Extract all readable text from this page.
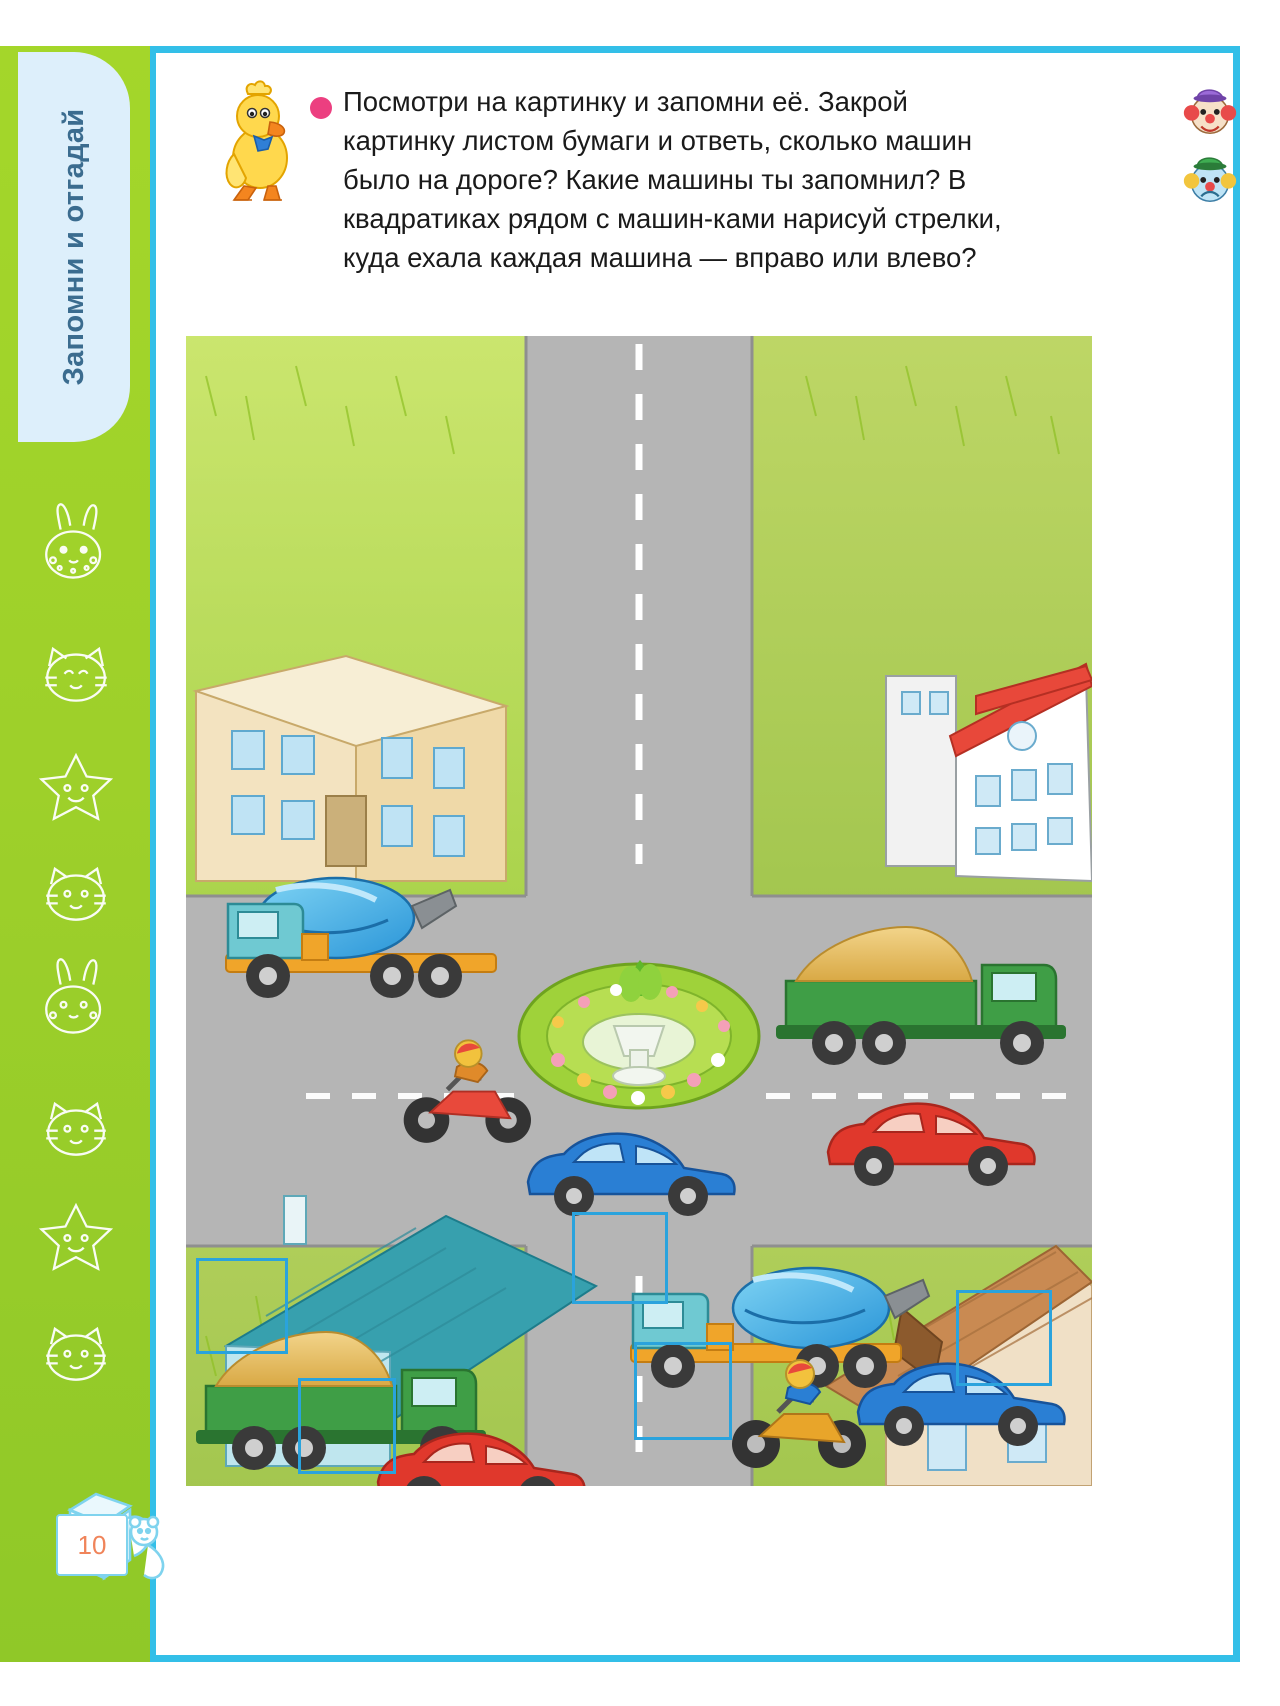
Запомни и отгадай
10
Посмотри на картинку и запомни её. Закрой картинку листом бумаги и ответь, сколько машин было на дороге? Какие машины ты запомнил? В квадратиках рядом с машин-ками нарисуй стрелки, куда ехала каждая машина — вправо или влево?
